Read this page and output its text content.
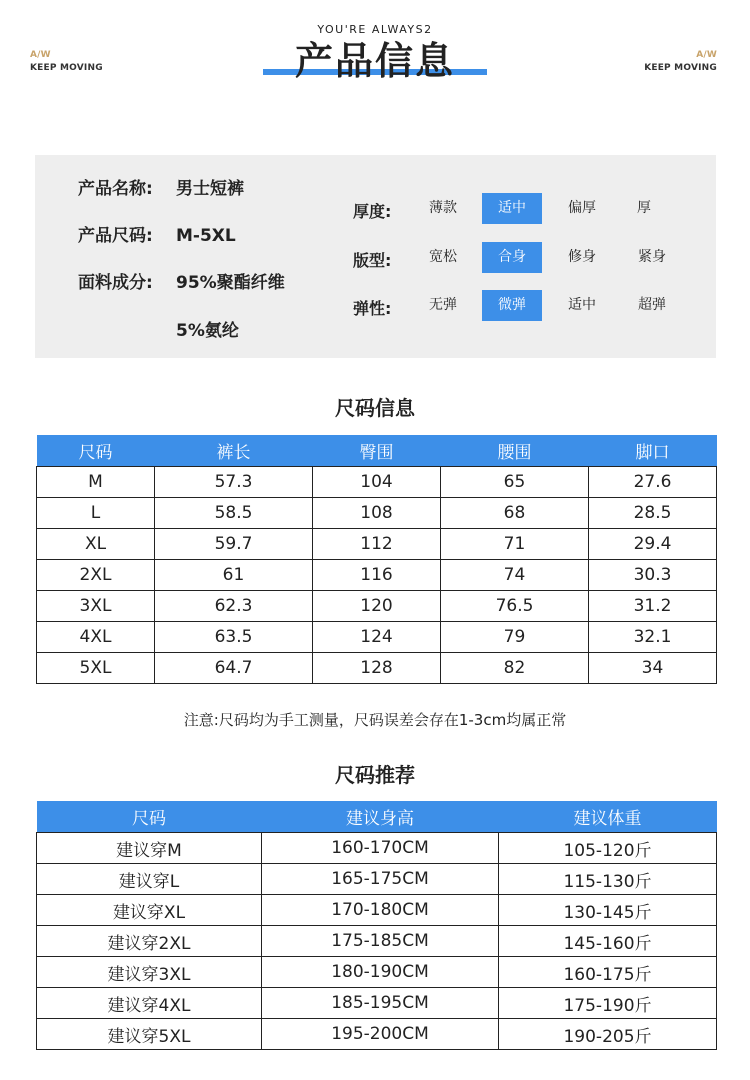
A/W
KEEP MOVING
A/W
KEEP MOVING
YOU'RE ALWAYS2
产品信息
产品名称: 男士短裤
产品尺码: M-5XL
面料成分: 95%聚酯纤维
5%氨纶
厚度:	薄款	适中	偏厚	厚
版型:	宽松	合身	修身	紧身
弹性:	无弹	微弹	适中	超弹
尺码信息
尺码	裤长	臀围	腰围	脚口
M	57.3	104	65	27.6
L	58.5	108	68	28.5
XL	59.7	112	71	29.4
2XL	61	116	74	30.3
3XL	62.3	120	76.5	31.2
4XL	63.5	124	79	32.1
5XL	64.7	128	82	34
注意:尺码均为手工测量，尺码误差会存在1-3cm均属正常
尺码推荐
尺码	建议身高	建议体重
建议穿M	160-170CM	105-120斤
建议穿L	165-175CM	115-130斤
建议穿XL	170-180CM	130-145斤
建议穿2XL	175-185CM	145-160斤
建议穿3XL	180-190CM	160-175斤
建议穿4XL	185-195CM	175-190斤
建议穿5XL	195-200CM	190-205斤
